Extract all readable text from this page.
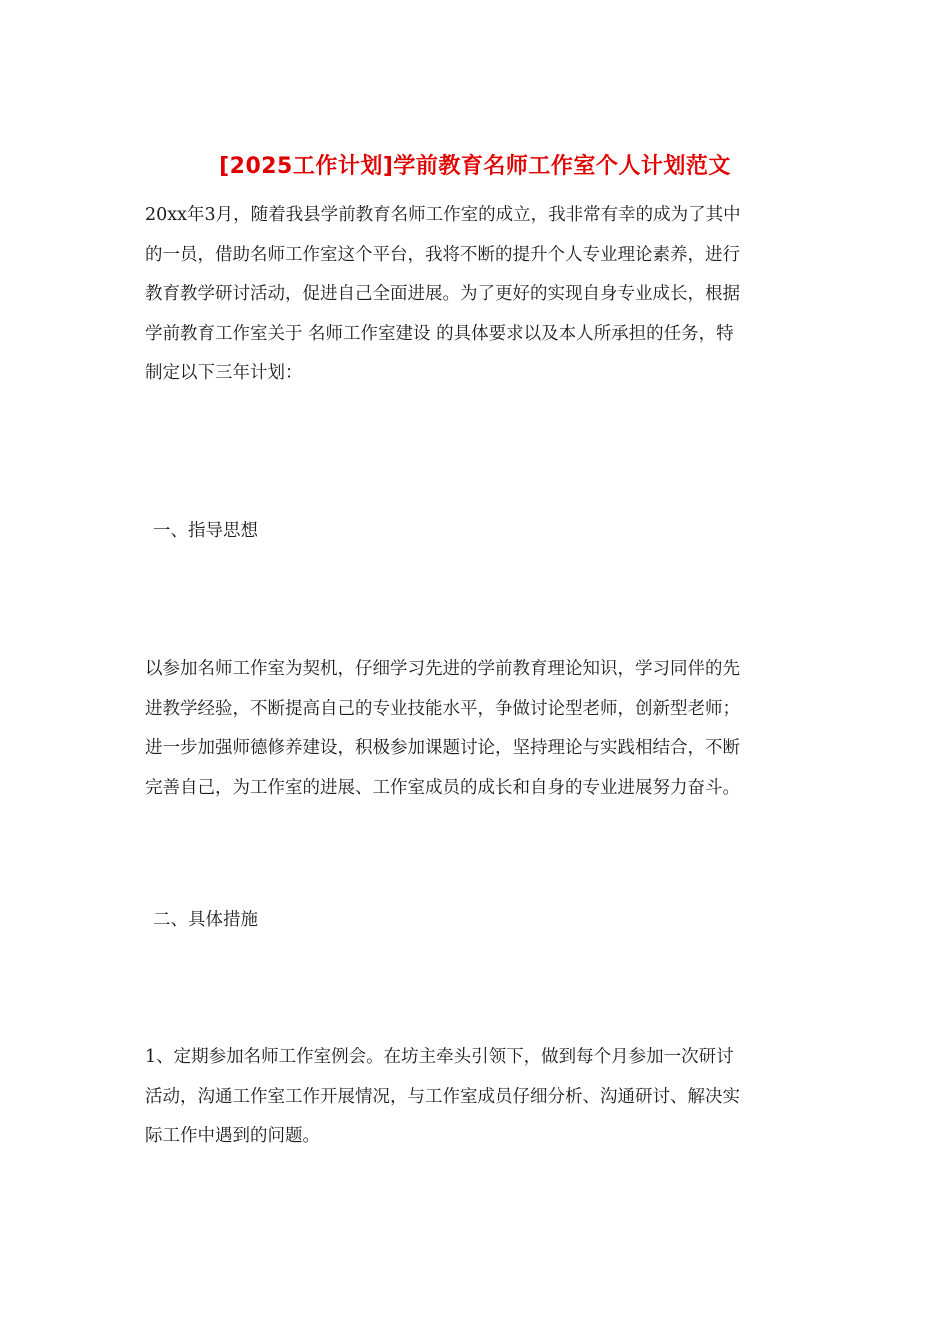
[2025工作计划]学前教育名师工作室个人计划范文
20xx年3月，随着我县学前教育名师工作室的成立，我非常有幸的成为了其中
的一员，借助名师工作室这个平台，我将不断的提升个人专业理论素养，进行
教育教学研讨活动，促进自己全面进展。为了更好的实现自身专业成长，根据
学前教育工作室关于 名师工作室建设 的具体要求以及本人所承担的任务，特
制定以下三年计划：
一、指导思想
以参加名师工作室为契机，仔细学习先进的学前教育理论知识，学习同伴的先
进教学经验，不断提高自己的专业技能水平，争做讨论型老师，创新型老师；
进一步加强师德修养建设，积极参加课题讨论，坚持理论与实践相结合，不断
完善自己，为工作室的进展、工作室成员的成长和自身的专业进展努力奋斗。
二、具体措施
1、定期参加名师工作室例会。在坊主牵头引领下，做到每个月参加一次研讨
活动，沟通工作室工作开展情况，与工作室成员仔细分析、沟通研讨、解决实
际工作中遇到的问题。
